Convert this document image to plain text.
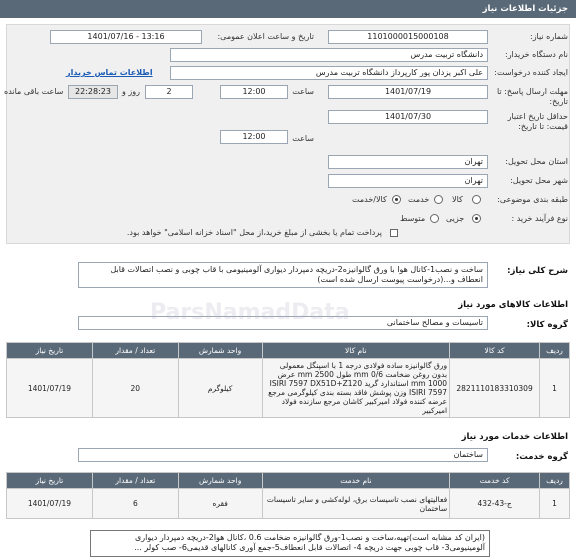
جزئیات اطلاعات نیاز
شماره نیاز:
1101000015000108
تاریخ و ساعت اعلان عمومی:
1401/07/16 - 13:16
نام دستگاه خریدار:
دانشگاه تربیت مدرس
ایجاد کننده درخواست:
علی اکبر یزدان پور کارپرداز دانشگاه تربیت مدرس
اطلاعات تماس خریدار
مهلت ارسال پاسخ: تا تاریخ:
1401/07/19
ساعت
12:00
2
روز و
22:28:23
ساعت باقی مانده
حداقل تاریخ اعتبار قیمت: تا تاریخ:
1401/07/30
ساعت
12:00
استان محل تحویل:
تهران
شهر محل تحویل:
تهران
طبقه بندی موضوعی:
کالا
خدمت
کالا/خدمت
نوع فرآیند خرید :
جزیی
متوسط
پرداخت تمام یا بخشی از مبلغ خرید،از محل "اسناد خزانه اسلامی" خواهد بود.
شرح کلی نیاز:
ساخت و نصب1-کانال هوا با ورق گالوانیزه2-دریچه دمپردار دیواری آلومینیومی با قاب چوبی و نصب اتصالات قابل انعطاف و...(درخواست پیوست ارسال شده است)
اطلاعات کالاهای مورد نیاز
گروه کالا:
تاسیسات و مصالح ساختمانی
ردیف	کد کالا	نام کالا	واحد شمارش	تعداد / مقدار	تاریخ نیاز
1	2821110183310309	ورق گالوانیزه ساده فولادی درجه 1 با اسپنگل معمولی بدون روغن ضخامت 0/6 mm طول 2500 mm عرض 1000 mm استاندارد گرید ISIRI 7597 DX51D+Z120 ISIRI 7597 وزن پوشش فاقد بسته بندی کیلوگرمی مرجع عرضه کننده فولاد امیرکبیر کاشان مرجع سازنده فولاد امیرکبیر	کیلوگرم	20	1401/07/19
اطلاعات خدمات مورد نیاز
گروه خدمت:
ساختمان
ردیف	کد خدمت	نام خدمت	واحد شمارش	تعداد / مقدار	تاریخ نیاز
1	ج-43-432	فعالیتهای نصب تاسیسات برق، لوله‌کشی و سایر تاسیسات ساختمان	فقره	6	1401/07/19
(ایران کد مشابه است)تهیه،ساخت و نصب1-ورق گالوانیزه ضخامت 0.6 ،کانال هوا2-دریچه دمپردار دیواری آلومینیومی3- قاب چوبی جهت دریچه 4- اتصالات قابل انعطاف5-جمع آوری کانالهای قدیمی6- صب کولر ...
ParsNamadData
